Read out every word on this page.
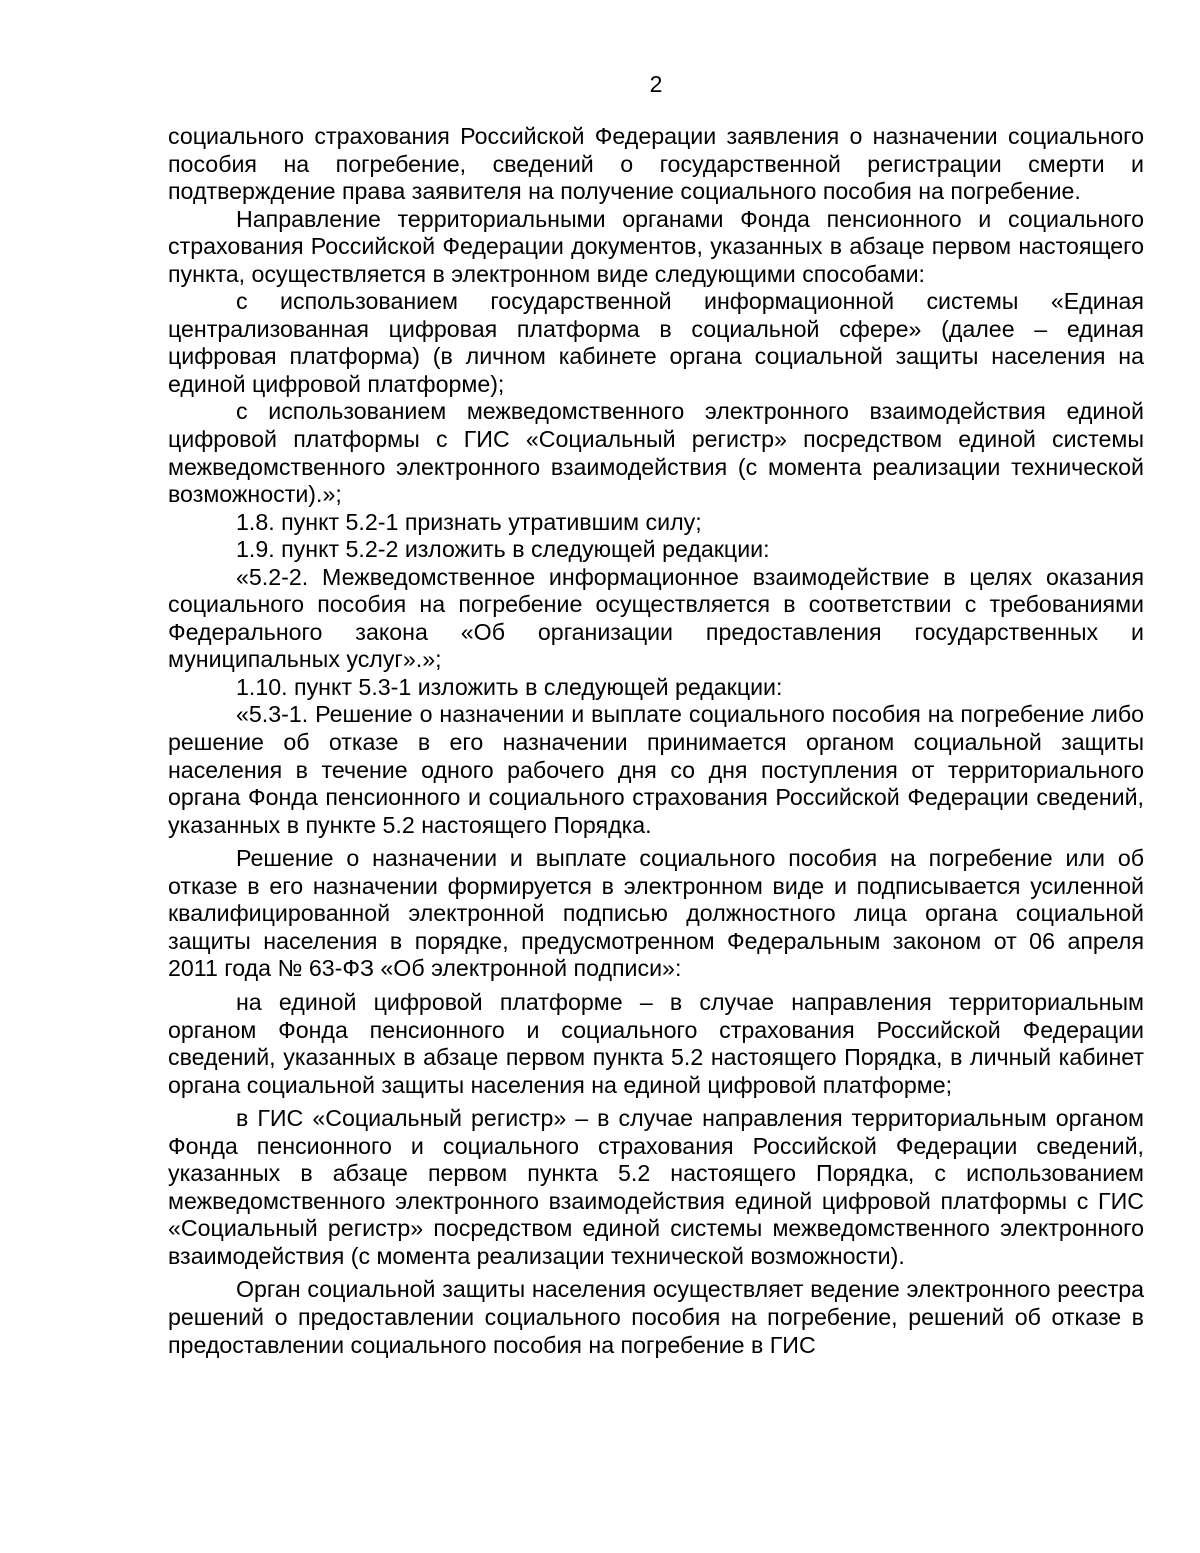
2

социального страхования Российской Федерации заявления о назначении социального пособия на погребение, сведений о государственной регистрации смерти и подтверждение права заявителя на получение социального пособия на погребение.

Направление территориальными органами Фонда пенсионного и социального страхования Российской Федерации документов, указанных в абзаце первом настоящего пункта, осуществляется в электронном виде следующими способами:

с использованием государственной информационной системы «Единая централизованная цифровая платформа в социальной сфере» (далее – единая цифровая платформа) (в личном кабинете органа социальной защиты населения на единой цифровой платформе);

с использованием межведомственного электронного взаимодействия единой цифровой платформы с ГИС «Социальный регистр» посредством единой системы межведомственного электронного взаимодействия (с момента реализации технической возможности).»;

1.8. пункт 5.2-1 признать утратившим силу;

1.9. пункт 5.2-2 изложить в следующей редакции:

«5.2-2. Межведомственное информационное взаимодействие в целях оказания социального пособия на погребение осуществляется в соответствии с требованиями Федерального закона «Об организации предоставления государственных и муниципальных услуг».»;

1.10. пункт 5.3-1 изложить в следующей редакции:

«5.3-1. Решение о назначении и выплате социального пособия на погребение либо решение об отказе в его назначении принимается органом социальной защиты населения в течение одного рабочего дня со дня поступления от территориального органа Фонда пенсионного и социального страхования Российской Федерации сведений, указанных в пункте 5.2 настоящего Порядка.

Решение о назначении и выплате социального пособия на погребение или об отказе в его назначении формируется в электронном виде и подписывается усиленной квалифицированной электронной подписью должностного лица органа социальной защиты населения в порядке, предусмотренном Федеральным законом от 06 апреля 2011 года № 63-ФЗ «Об электронной подписи»:

на единой цифровой платформе – в случае направления территориальным органом Фонда пенсионного и социального страхования Российской Федерации сведений, указанных в абзаце первом пункта 5.2 настоящего Порядка, в личный кабинет органа социальной защиты населения на единой цифровой платформе;

в ГИС «Социальный регистр» – в случае направления территориальным органом Фонда пенсионного и социального страхования Российской Федерации сведений, указанных в абзаце первом пункта 5.2 настоящего Порядка, с использованием межведомственного электронного взаимодействия единой цифровой платформы с ГИС «Социальный регистр» посредством единой системы межведомственного электронного взаимодействия (с момента реализации технической возможности).

Орган социальной защиты населения осуществляет ведение электронного реестра решений о предоставлении социального пособия на погребение, решений об отказе в предоставлении социального пособия на погребение в ГИС
